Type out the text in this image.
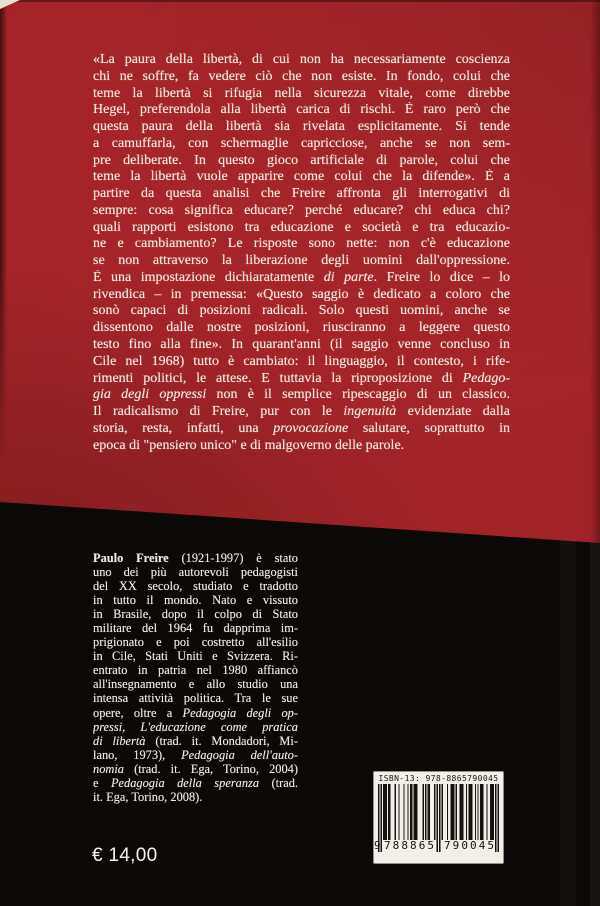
«La paura della libertà, di cui non ha necessariamente coscienza
chi ne soffre, fa vedere ciò che non esiste. In fondo, colui che
teme la libertà si rifugia nella sicurezza vitale, come direbbe
Hegel, preferendola alla libertà carica di rischi. È raro però che
questa paura della libertà sia rivelata esplicitamente. Si tende
a camuffarla, con schermaglie capricciose, anche se non sem-
pre deliberate. In questo gioco artificiale di parole, colui che
teme la libertà vuole apparire come colui che la difende». È a
partire da questa analisi che Freire affronta gli interrogativi di
sempre: cosa significa educare? perché educare? chi educa chi?
quali rapporti esistono tra educazione e società e tra educazio-
ne e cambiamento? Le risposte sono nette: non c'è educazione
se non attraverso la liberazione degli uomini dall'oppressione.
È una impostazione dichiaratamente di parte. Freire lo dice – lo
rivendica – in premessa: «Questo saggio è dedicato a coloro che
sonò capaci di posizioni radicali. Solo questi uomini, anche se
dissentono dalle nostre posizioni, riusciranno a leggere questo
testo fino alla fine». In quarant'anni (il saggio venne concluso in
Cile nel 1968) tutto è cambiato: il linguaggio, il contesto, i rife-
rimenti politici, le attese. E tuttavia la riproposizione di Pedago-
gia degli oppressi non è il semplice ripescaggio di un classico.
Il radicalismo di Freire, pur con le ingenuità evidenziate dalla
storia, resta, infatti, una provocazione salutare, soprattutto in
epoca di "pensiero unico" e di malgoverno delle parole.
Paulo Freire (1921-1997) è stato
uno dei più autorevoli pedagogisti
del XX secolo, studiato e tradotto
in tutto il mondo. Nato e vissuto
in Brasile, dopo il colpo di Stato
militare del 1964 fu dapprima im-
prigionato e poi costretto all'esilio
in Cile, Stati Uniti e Svizzera. Ri-
entrato in patria nel 1980 affiancò
all'insegnamento e allo studio una
intensa attività politica. Tra le sue
opere, oltre a Pedagogia degli op-
pressi, L'educazione come pratica
di libertà (trad. it. Mondadori, Mi-
lano, 1973), Pedagogia dell'auto-
nomia (trad. it. Ega, Torino, 2004)
e Pedagogia della speranza (trad.
it. Ega, Torino, 2008).
€ 14,00
ISBN-13: 978-8865790045
9 7 8 8 8 6 5 7 9 0 0 4 5
